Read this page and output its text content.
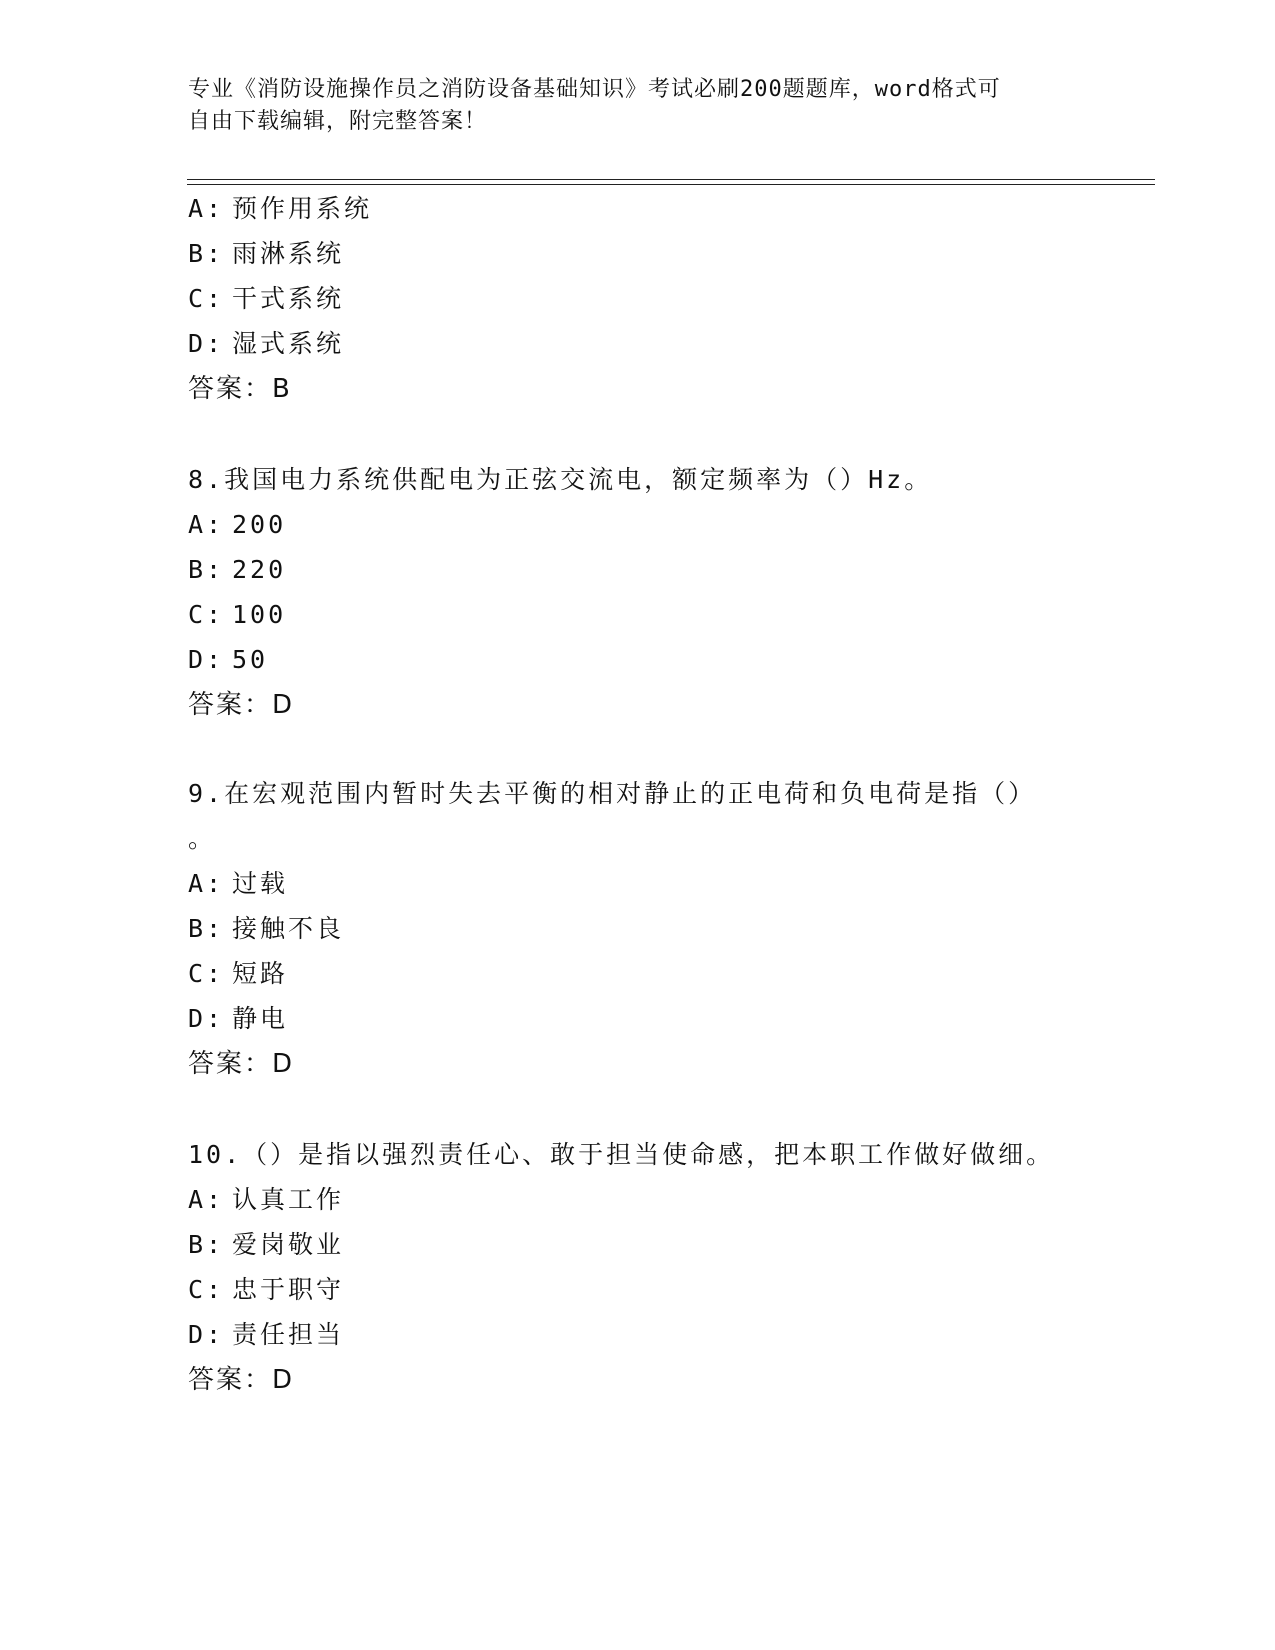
专业《消防设施操作员之消防设备基础知识》考试必刷200题题库，word格式可
自由下载编辑，附完整答案！
A: 预作用系统
B: 雨淋系统
C: 干式系统
D: 湿式系统
答案：B
8.我国电力系统供配电为正弦交流电，额定频率为（）Hz。
A: 200
B: 220
C: 100
D: 50
答案：D
9.在宏观范围内暂时失去平衡的相对静止的正电荷和负电荷是指（）
。
A: 过载
B: 接触不良
C: 短路
D: 静电
答案：D
10.（）是指以强烈责任心、敢于担当使命感，把本职工作做好做细。
A: 认真工作
B: 爱岗敬业
C: 忠于职守
D: 责任担当
答案：D
